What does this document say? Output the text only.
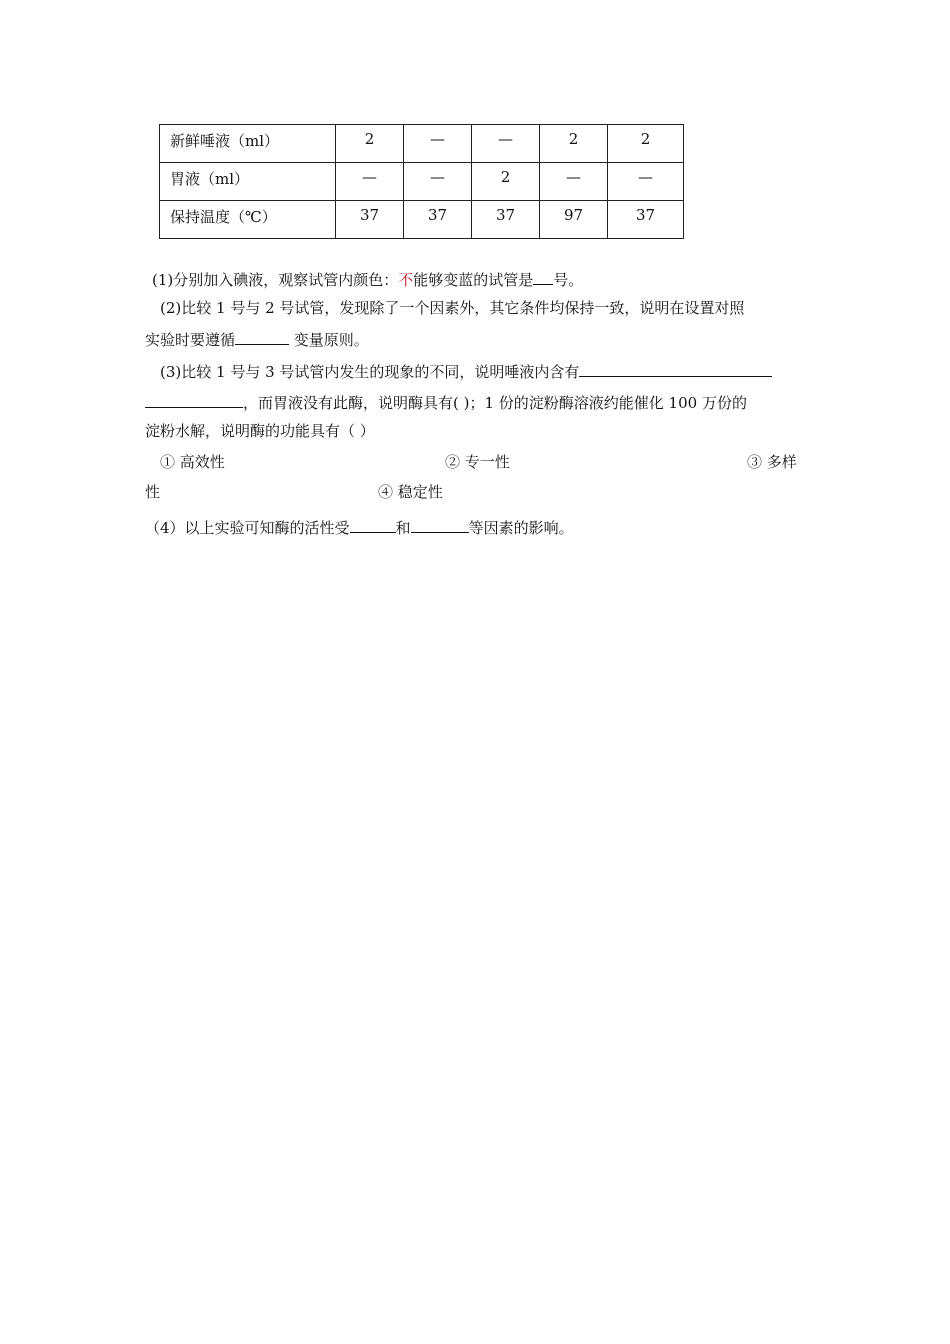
新鲜唾液（ml）	2	—	—	2	2

胃液（ml）	—	—	2	—	—

保持温度（℃）	37	37	37	97	37
(1)分别加入碘液，观察试管内颜色：不能够变蓝的试管是 号。
(2)比较 1 号与 2 号试管，发现除了一个因素外，其它条件均保持一致，说明在设置对照
实验时要遵循	变量原则。
(3)比较 1 号与 3 号试管内发生的现象的不同，说明唾液内含有
，而胃液没有此酶，说明酶具有( )；1 份的淀粉酶溶液约能催化 100 万份的
淀粉水解，说明酶的功能具有（ ）
① 高效性	② 专一性	③ 多样
性	④ 稳定性
（4）以上实验可知酶的活性受	和	等因素的影响。
